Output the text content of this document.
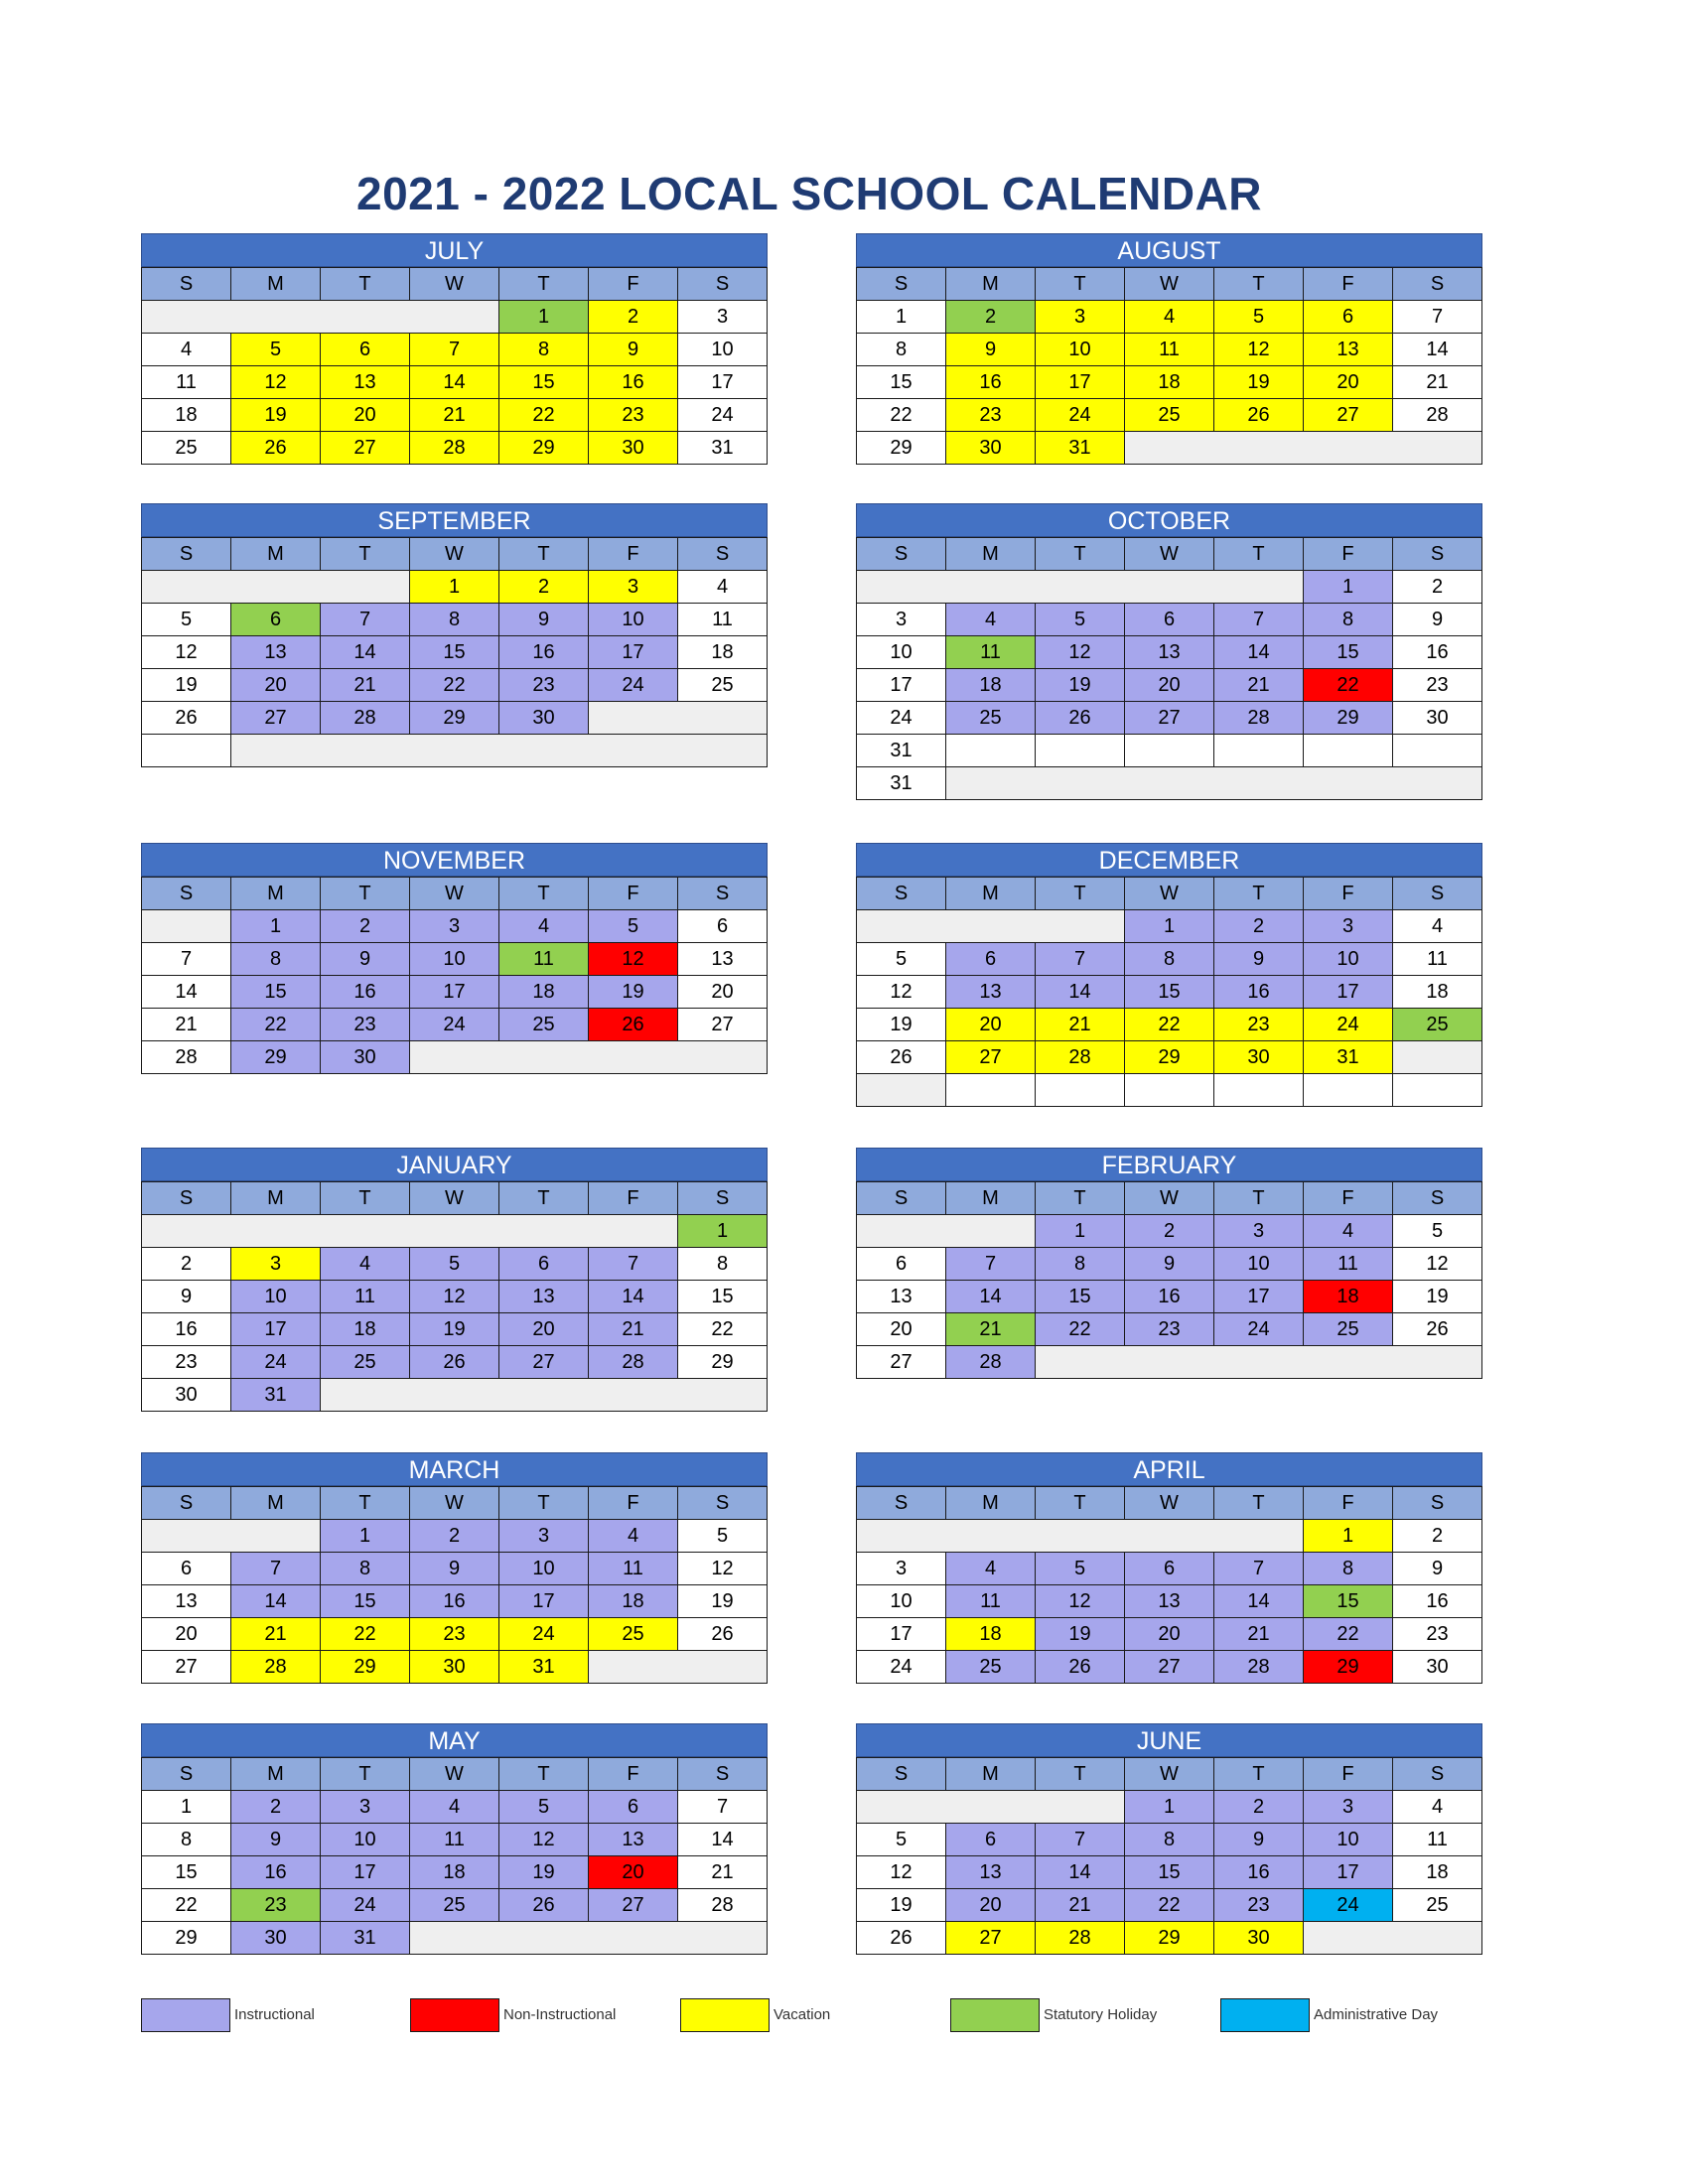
2021 - 2022 LOCAL SCHOOL CALENDAR
JULY
S	M	T	W	T	F	S
				1	2	3
4	5	6	7	8	9	10
11	12	13	14	15	16	17
18	19	20	21	22	23	24
25	26	27	28	29	30	31
AUGUST
S	M	T	W	T	F	S
1	2	3	4	5	6	7
8	9	10	11	12	13	14
15	16	17	18	19	20	21
22	23	24	25	26	27	28
29	30	31				
SEPTEMBER
S	M	T	W	T	F	S
			1	2	3	4
5	6	7	8	9	10	11
12	13	14	15	16	17	18
19	20	21	22	23	24	25
26	27	28	29	30		

OCTOBER
S	M	T	W	T	F	S
					1	2
3	4	5	6	7	8	9
10	11	12	13	14	15	16
17	18	19	20	21	22	23
24	25	26	27	28	29	30
31						
31						
NOVEMBER
S	M	T	W	T	F	S
	1	2	3	4	5	6
7	8	9	10	11	12	13
14	15	16	17	18	19	20
21	22	23	24	25	26	27
28	29	30				
DECEMBER
S	M	T	W	T	F	S
			1	2	3	4
5	6	7	8	9	10	11
12	13	14	15	16	17	18
19	20	21	22	23	24	25
26	27	28	29	30	31	

JANUARY
S	M	T	W	T	F	S
						1
2	3	4	5	6	7	8
9	10	11	12	13	14	15
16	17	18	19	20	21	22
23	24	25	26	27	28	29
30	31					
FEBRUARY
S	M	T	W	T	F	S
		1	2	3	4	5
6	7	8	9	10	11	12
13	14	15	16	17	18	19
20	21	22	23	24	25	26
27	28					
MARCH
S	M	T	W	T	F	S
		1	2	3	4	5
6	7	8	9	10	11	12
13	14	15	16	17	18	19
20	21	22	23	24	25	26
27	28	29	30	31		
APRIL
S	M	T	W	T	F	S
					1	2
3	4	5	6	7	8	9
10	11	12	13	14	15	16
17	18	19	20	21	22	23
24	25	26	27	28	29	30
MAY
S	M	T	W	T	F	S
1	2	3	4	5	6	7
8	9	10	11	12	13	14
15	16	17	18	19	20	21
22	23	24	25	26	27	28
29	30	31				
JUNE
S	M	T	W	T	F	S
			1	2	3	4
5	6	7	8	9	10	11
12	13	14	15	16	17	18
19	20	21	22	23	24	25
26	27	28	29	30		
Instructional	Non-Instructional	Vacation	Statutory Holiday	Administrative Day
